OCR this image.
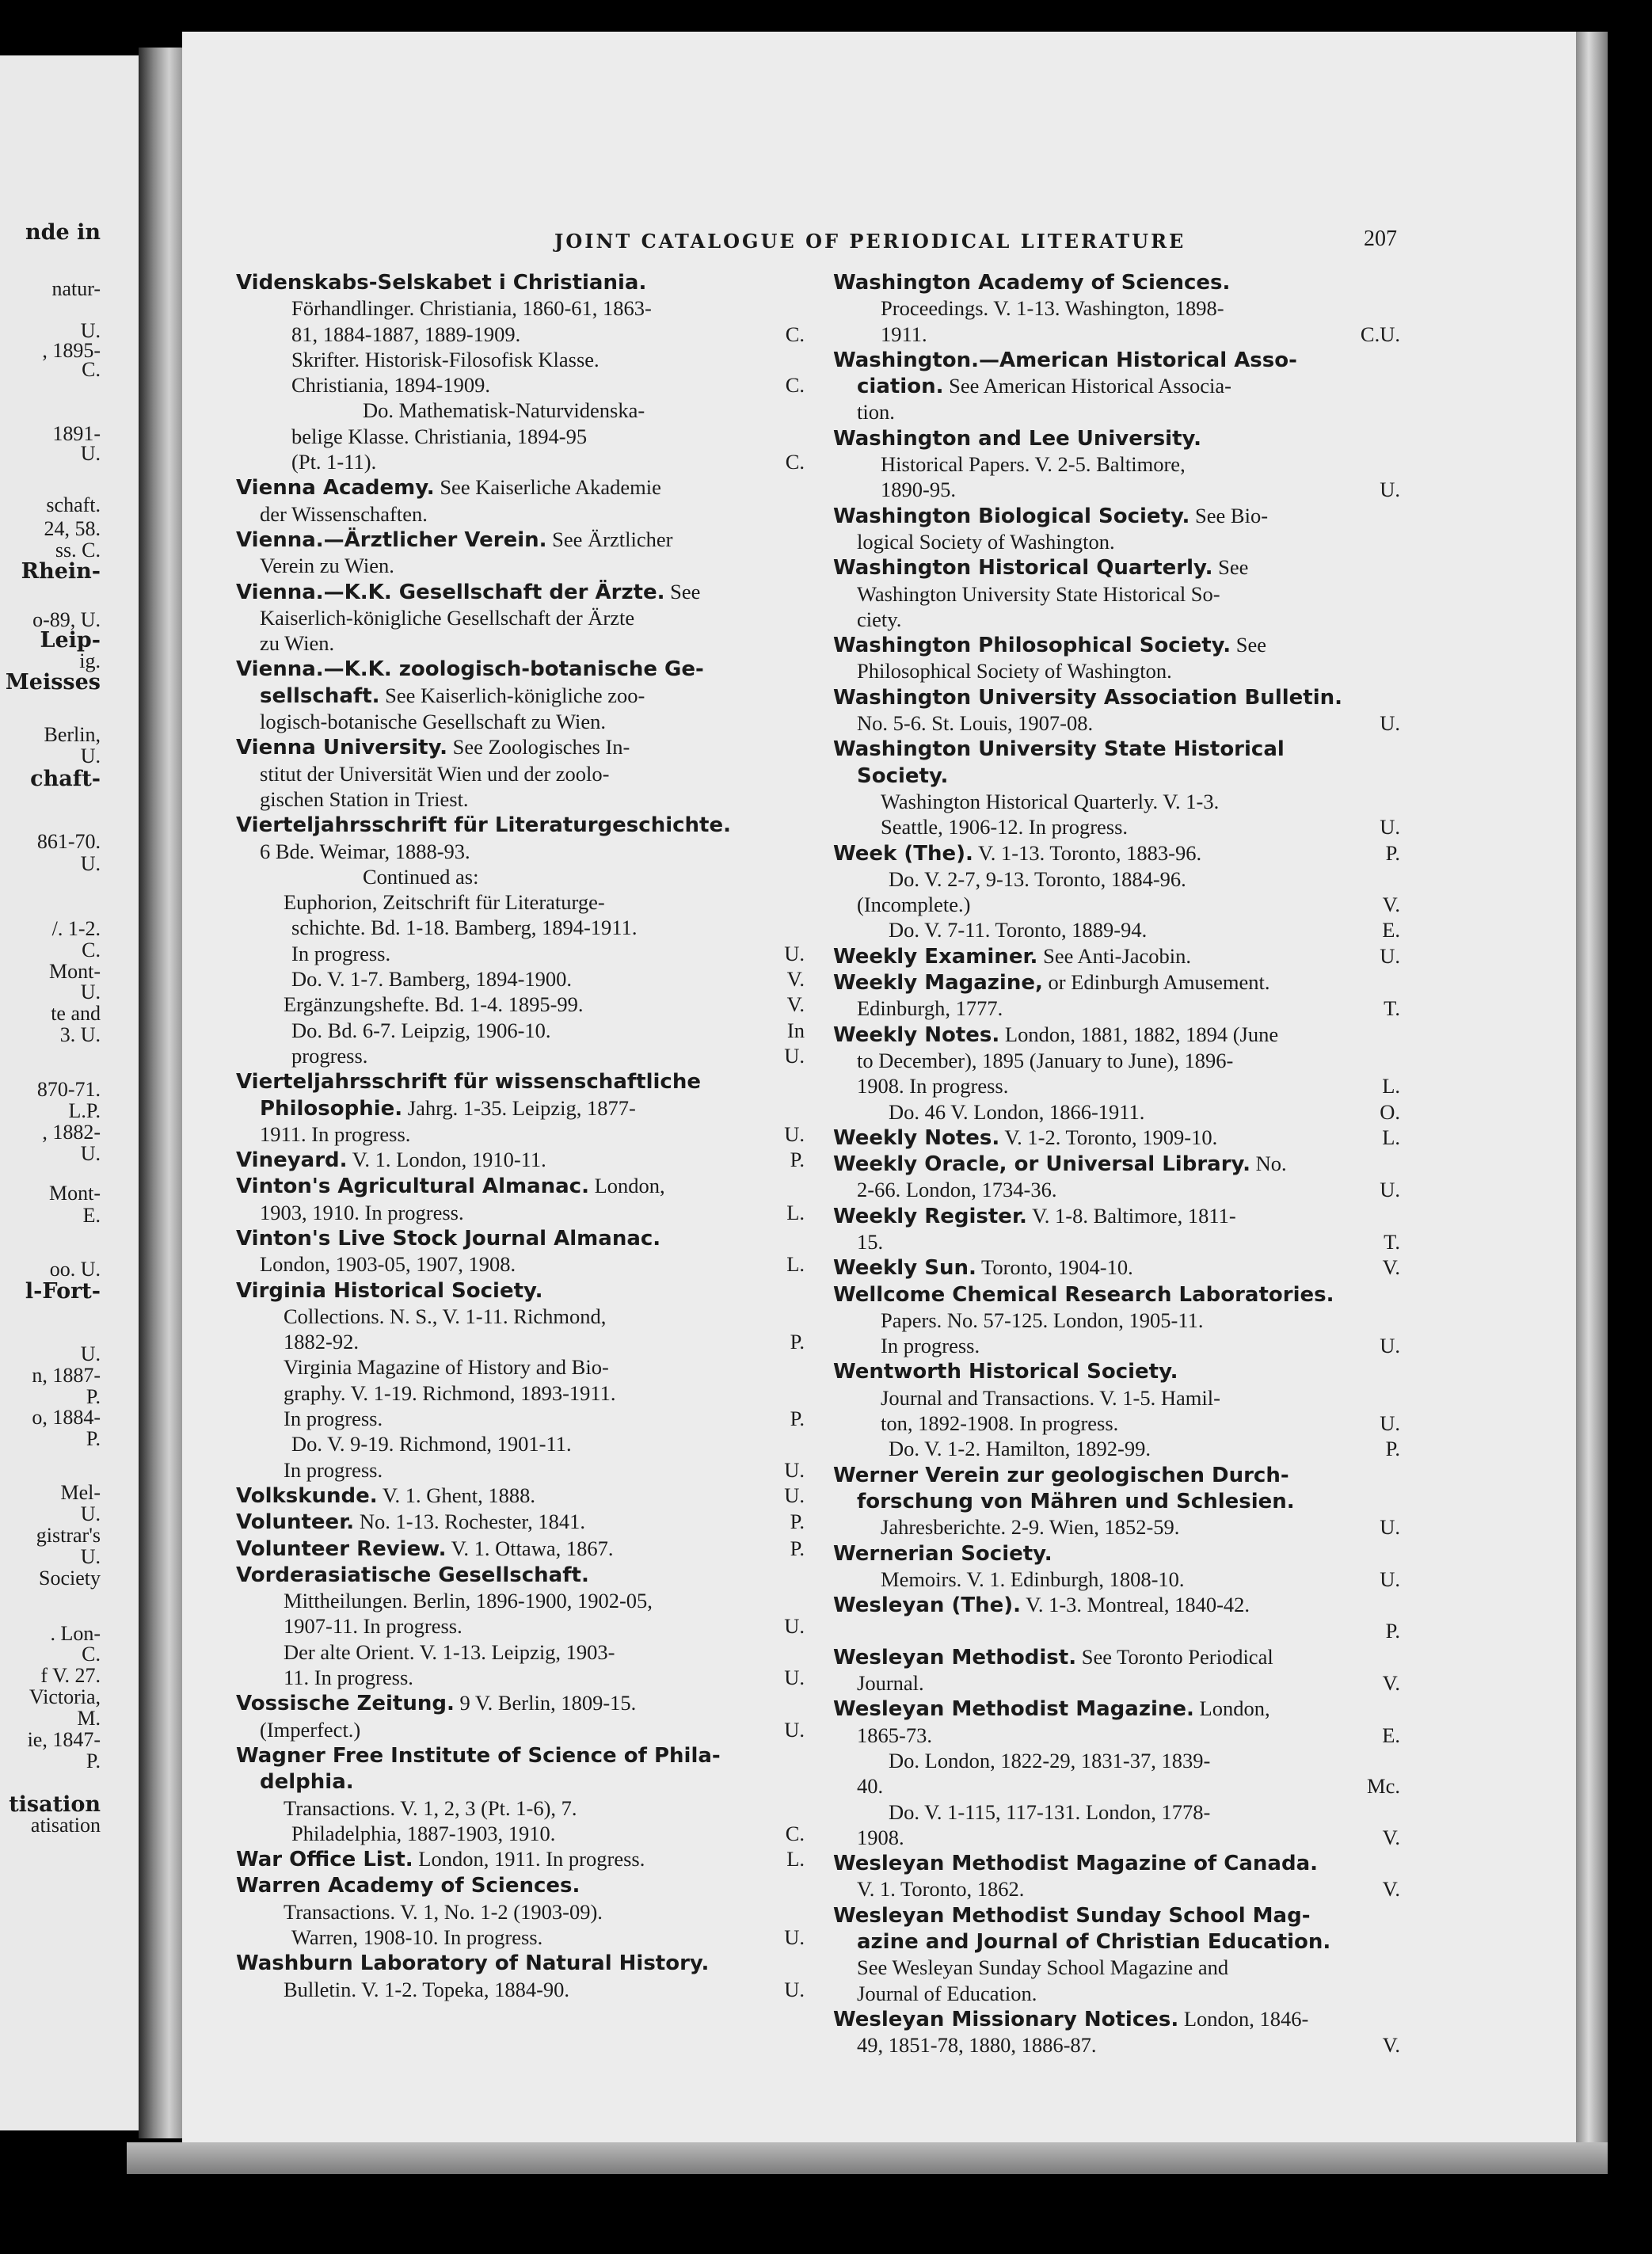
nde in
natur-
U.
, 1895-
C.
1891-
U.
schaft.
24, 58.
ss. C.
Rhein-
o-89, U.
Leip-
ig.
Meisses
Berlin,
U.
chaft-
861-70.
U.
/. 1-2.
C.
Mont-
U.
te and
3. U.
870-71.
L.P.
, 1882-
U.
Mont-
E.
oo. U.
l-Fort-
U.
n, 1887-
P.
o, 1884-
P.
Mel-
U.
gistrar's
U.
Society
. Lon-
C.
f V. 27.
Victoria,
M.
ie, 1847-
P.
tisation
atisation
JOINT CATALOGUE OF PERIODICAL LITERATURE	207
Videnskabs-Selskabet i Christiania.
Förhandlinger. Christiania, 1860-61, 1863-
81, 1884-1887, 1889-1909.	C.
Skrifter. Historisk-Filosofisk Klasse.
Christiania, 1894-1909.	C.
Do. Mathematisk-Naturvidenska-
belige Klasse. Christiania, 1894-95
(Pt. 1-11).	C.
Vienna Academy. See Kaiserliche Akademie
der Wissenschaften.
Vienna.—Ärztlicher Verein. See Ärztlicher
Verein zu Wien.
Vienna.—K.K. Gesellschaft der Ärzte. See
Kaiserlich-königliche Gesellschaft der Ärzte
zu Wien.
Vienna.—K.K. zoologisch-botanische Ge-
sellschaft. See Kaiserlich-königliche zoo-
logisch-botanische Gesellschaft zu Wien.
Vienna University. See Zoologisches In-
stitut der Universität Wien und der zoolo-
gischen Station in Triest.
Vierteljahrsschrift für Literaturgeschichte.
6 Bde. Weimar, 1888-93.
Continued as:
Euphorion, Zeitschrift für Literaturge-
schichte. Bd. 1-18. Bamberg, 1894-1911.
In progress.	U.
Do. V. 1-7. Bamberg, 1894-1900.	V.
Ergänzungshefte. Bd. 1-4. 1895-99.	V.
Do. Bd. 6-7. Leipzig, 1906-10.	In
progress.	U.
Vierteljahrsschrift für wissenschaftliche
Philosophie. Jahrg. 1-35. Leipzig, 1877-
1911. In progress.	U.
Vineyard. V. 1. London, 1910-11.	P.
Vinton's Agricultural Almanac. London,
1903, 1910. In progress.	L.
Vinton's Live Stock Journal Almanac.
London, 1903-05, 1907, 1908.	L.
Virginia Historical Society.
Collections. N. S., V. 1-11. Richmond,
1882-92.	P.
Virginia Magazine of History and Bio-
graphy. V. 1-19. Richmond, 1893-1911.
In progress.	P.
Do. V. 9-19. Richmond, 1901-11.
In progress.	U.
Volkskunde. V. 1. Ghent, 1888.	U.
Volunteer. No. 1-13. Rochester, 1841.	P.
Volunteer Review. V. 1. Ottawa, 1867.	P.
Vorderasiatische Gesellschaft.
Mittheilungen. Berlin, 1896-1900, 1902-05,
1907-11. In progress.	U.
Der alte Orient. V. 1-13. Leipzig, 1903-
11. In progress.	U.
Vossische Zeitung. 9 V. Berlin, 1809-15.
(Imperfect.)	U.
Wagner Free Institute of Science of Phila-
delphia.
Transactions. V. 1, 2, 3 (Pt. 1-6), 7.
Philadelphia, 1887-1903, 1910.	C.
War Office List. London, 1911. In progress.	L.
Warren Academy of Sciences.
Transactions. V. 1, No. 1-2 (1903-09).
Warren, 1908-10. In progress.	U.
Washburn Laboratory of Natural History.
Bulletin. V. 1-2. Topeka, 1884-90.	U.
Washington Academy of Sciences.
Proceedings. V. 1-13. Washington, 1898-
1911.	C.U.
Washington.—American Historical Asso-
ciation. See American Historical Associa-
tion.
Washington and Lee University.
Historical Papers. V. 2-5. Baltimore,
1890-95.	U.
Washington Biological Society. See Bio-
logical Society of Washington.
Washington Historical Quarterly. See
Washington University State Historical So-
ciety.
Washington Philosophical Society. See
Philosophical Society of Washington.
Washington University Association Bulletin.
No. 5-6. St. Louis, 1907-08.	U.
Washington University State Historical
Society.
Washington Historical Quarterly. V. 1-3.
Seattle, 1906-12. In progress.	U.
Week (The). V. 1-13. Toronto, 1883-96.	P.
Do. V. 2-7, 9-13. Toronto, 1884-96.
(Incomplete.)	V.
Do. V. 7-11. Toronto, 1889-94.	E.
Weekly Examiner. See Anti-Jacobin.	U.
Weekly Magazine, or Edinburgh Amusement.
Edinburgh, 1777.	T.
Weekly Notes. London, 1881, 1882, 1894 (June
to December), 1895 (January to June), 1896-
1908. In progress.	L.
Do. 46 V. London, 1866-1911.	O.
Weekly Notes. V. 1-2. Toronto, 1909-10.	L.
Weekly Oracle, or Universal Library. No.
2-66. London, 1734-36.	U.
Weekly Register. V. 1-8. Baltimore, 1811-
15.	T.
Weekly Sun. Toronto, 1904-10.	V.
Wellcome Chemical Research Laboratories.
Papers. No. 57-125. London, 1905-11.
In progress.	U.
Wentworth Historical Society.
Journal and Transactions. V. 1-5. Hamil-
ton, 1892-1908. In progress.	U.
Do. V. 1-2. Hamilton, 1892-99.	P.
Werner Verein zur geologischen Durch-
forschung von Mähren und Schlesien.
Jahresberichte. 2-9. Wien, 1852-59.	U.
Wernerian Society.
Memoirs. V. 1. Edinburgh, 1808-10.	U.
Wesleyan (The). V. 1-3. Montreal, 1840-42.
P.
Wesleyan Methodist. See Toronto Periodical
Journal.	V.
Wesleyan Methodist Magazine. London,
1865-73.	E.
Do. London, 1822-29, 1831-37, 1839-
40.	Mc.
Do. V. 1-115, 117-131. London, 1778-
1908.	V.
Wesleyan Methodist Magazine of Canada.
V. 1. Toronto, 1862.	V.
Wesleyan Methodist Sunday School Mag-
azine and Journal of Christian Education.
See Wesleyan Sunday School Magazine and
Journal of Education.
Wesleyan Missionary Notices. London, 1846-
49, 1851-78, 1880, 1886-87.	V.
